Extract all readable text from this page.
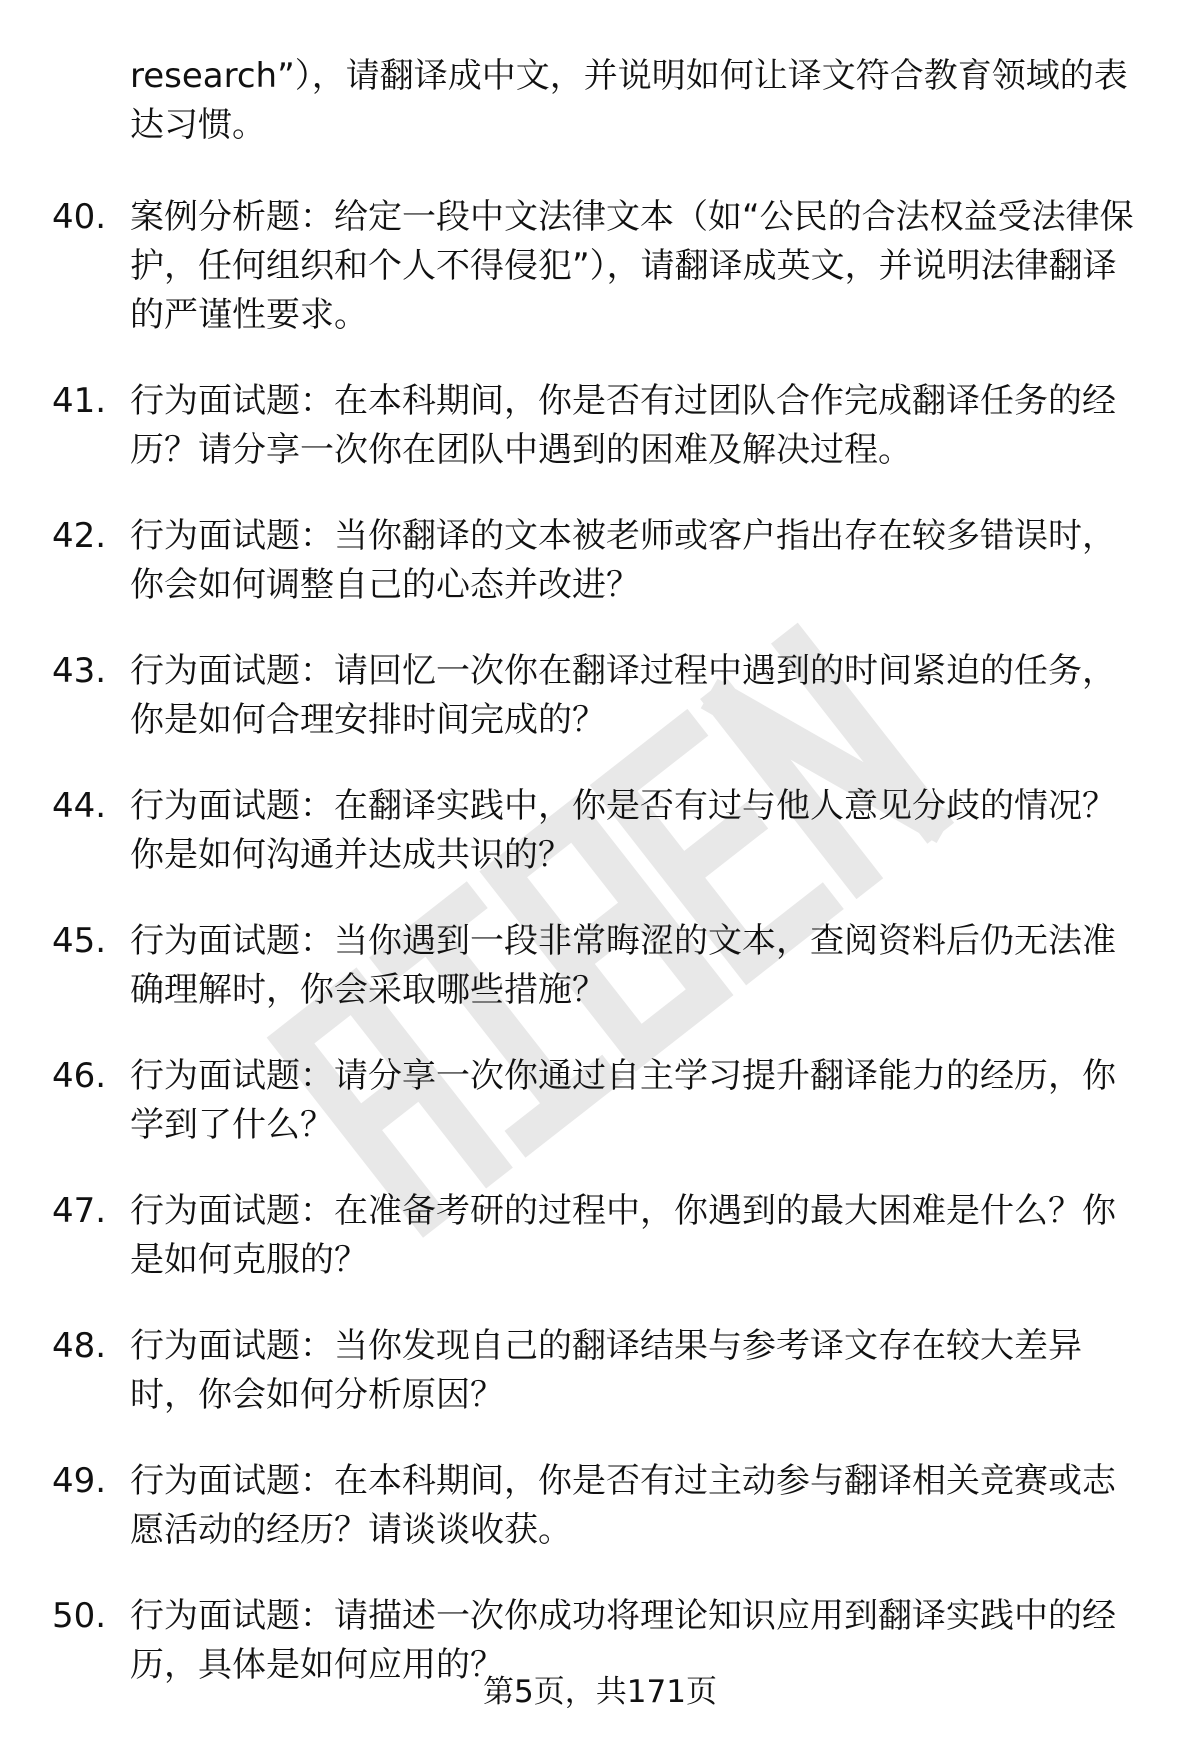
research”），请翻译成中文，并说明如何让译文符合教育领域的表达习惯。
40. 案例分析题：给定一段中文法律文本（如“公民的合法权益受法律保护，任何组织和个人不得侵犯”），请翻译成英文，并说明法律翻译的严谨性要求。
41. 行为面试题：在本科期间，你是否有过团队合作完成翻译任务的经历？请分享一次你在团队中遇到的困难及解决过程。
42. 行为面试题：当你翻译的文本被老师或客户指出存在较多错误时，你会如何调整自己的心态并改进？
43. 行为面试题：请回忆一次你在翻译过程中遇到的时间紧迫的任务，你是如何合理安排时间完成的？
44. 行为面试题：在翻译实践中，你是否有过与他人意见分歧的情况？你是如何沟通并达成共识的？
45. 行为面试题：当你遇到一段非常晦涩的文本，查阅资料后仍无法准确理解时，你会采取哪些措施？
46. 行为面试题：请分享一次你通过自主学习提升翻译能力的经历，你学到了什么？
47. 行为面试题：在准备考研的过程中，你遇到的最大困难是什么？你是如何克服的？
48. 行为面试题：当你发现自己的翻译结果与参考译文存在较大差异时，你会如何分析原因？
49. 行为面试题：在本科期间，你是否有过主动参与翻译相关竞赛或志愿活动的经历？请谈谈收获。
50. 行为面试题：请描述一次你成功将理论知识应用到翻译实践中的经历，具体是如何应用的？
第5页，共171页
